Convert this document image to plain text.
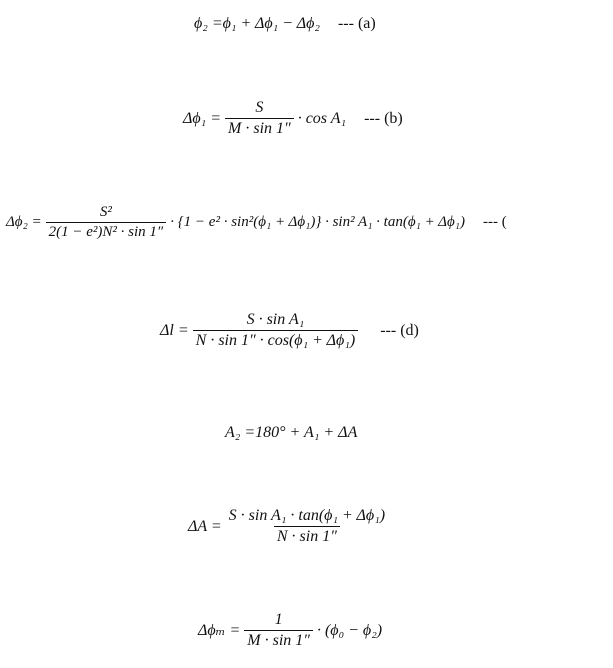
ϕ₂ = ϕ₁ + Δϕ₁ − Δϕ₂ --- (a)
$\Delta\phi_1 = \frac{S}{M \cdot \sin 1''} \cdot \cos A_1$ --- (b)
$\Delta\phi_2 = \frac{\text{S²}}{\text{2(1 − e²)N² · sin 1″}} \cdot \{1 - e^2 \cdot \sin^2(\phi_1 + \Delta\phi_1)\} \cdot \sin^2$ A₁ · tan(ϕ₁ + Δϕ₁) --- (
$\Delta l = \frac{\text{S · sin A₁}}{\text{N · sin 1″ · cos(ϕ₁ + Δϕ₁)}}$ --- (d)
A₂ = 180° + A₁ + ΔA
$\Delta A = \frac{\text{S · sin A₁ · tan(ϕ₁ + Δϕ₁)}}{N \cdot \sin 1''}$
$\Delta\phi_m = \frac{1}{M \cdot \sin 1''} \cdot (\phi_0 - \phi_2)$
